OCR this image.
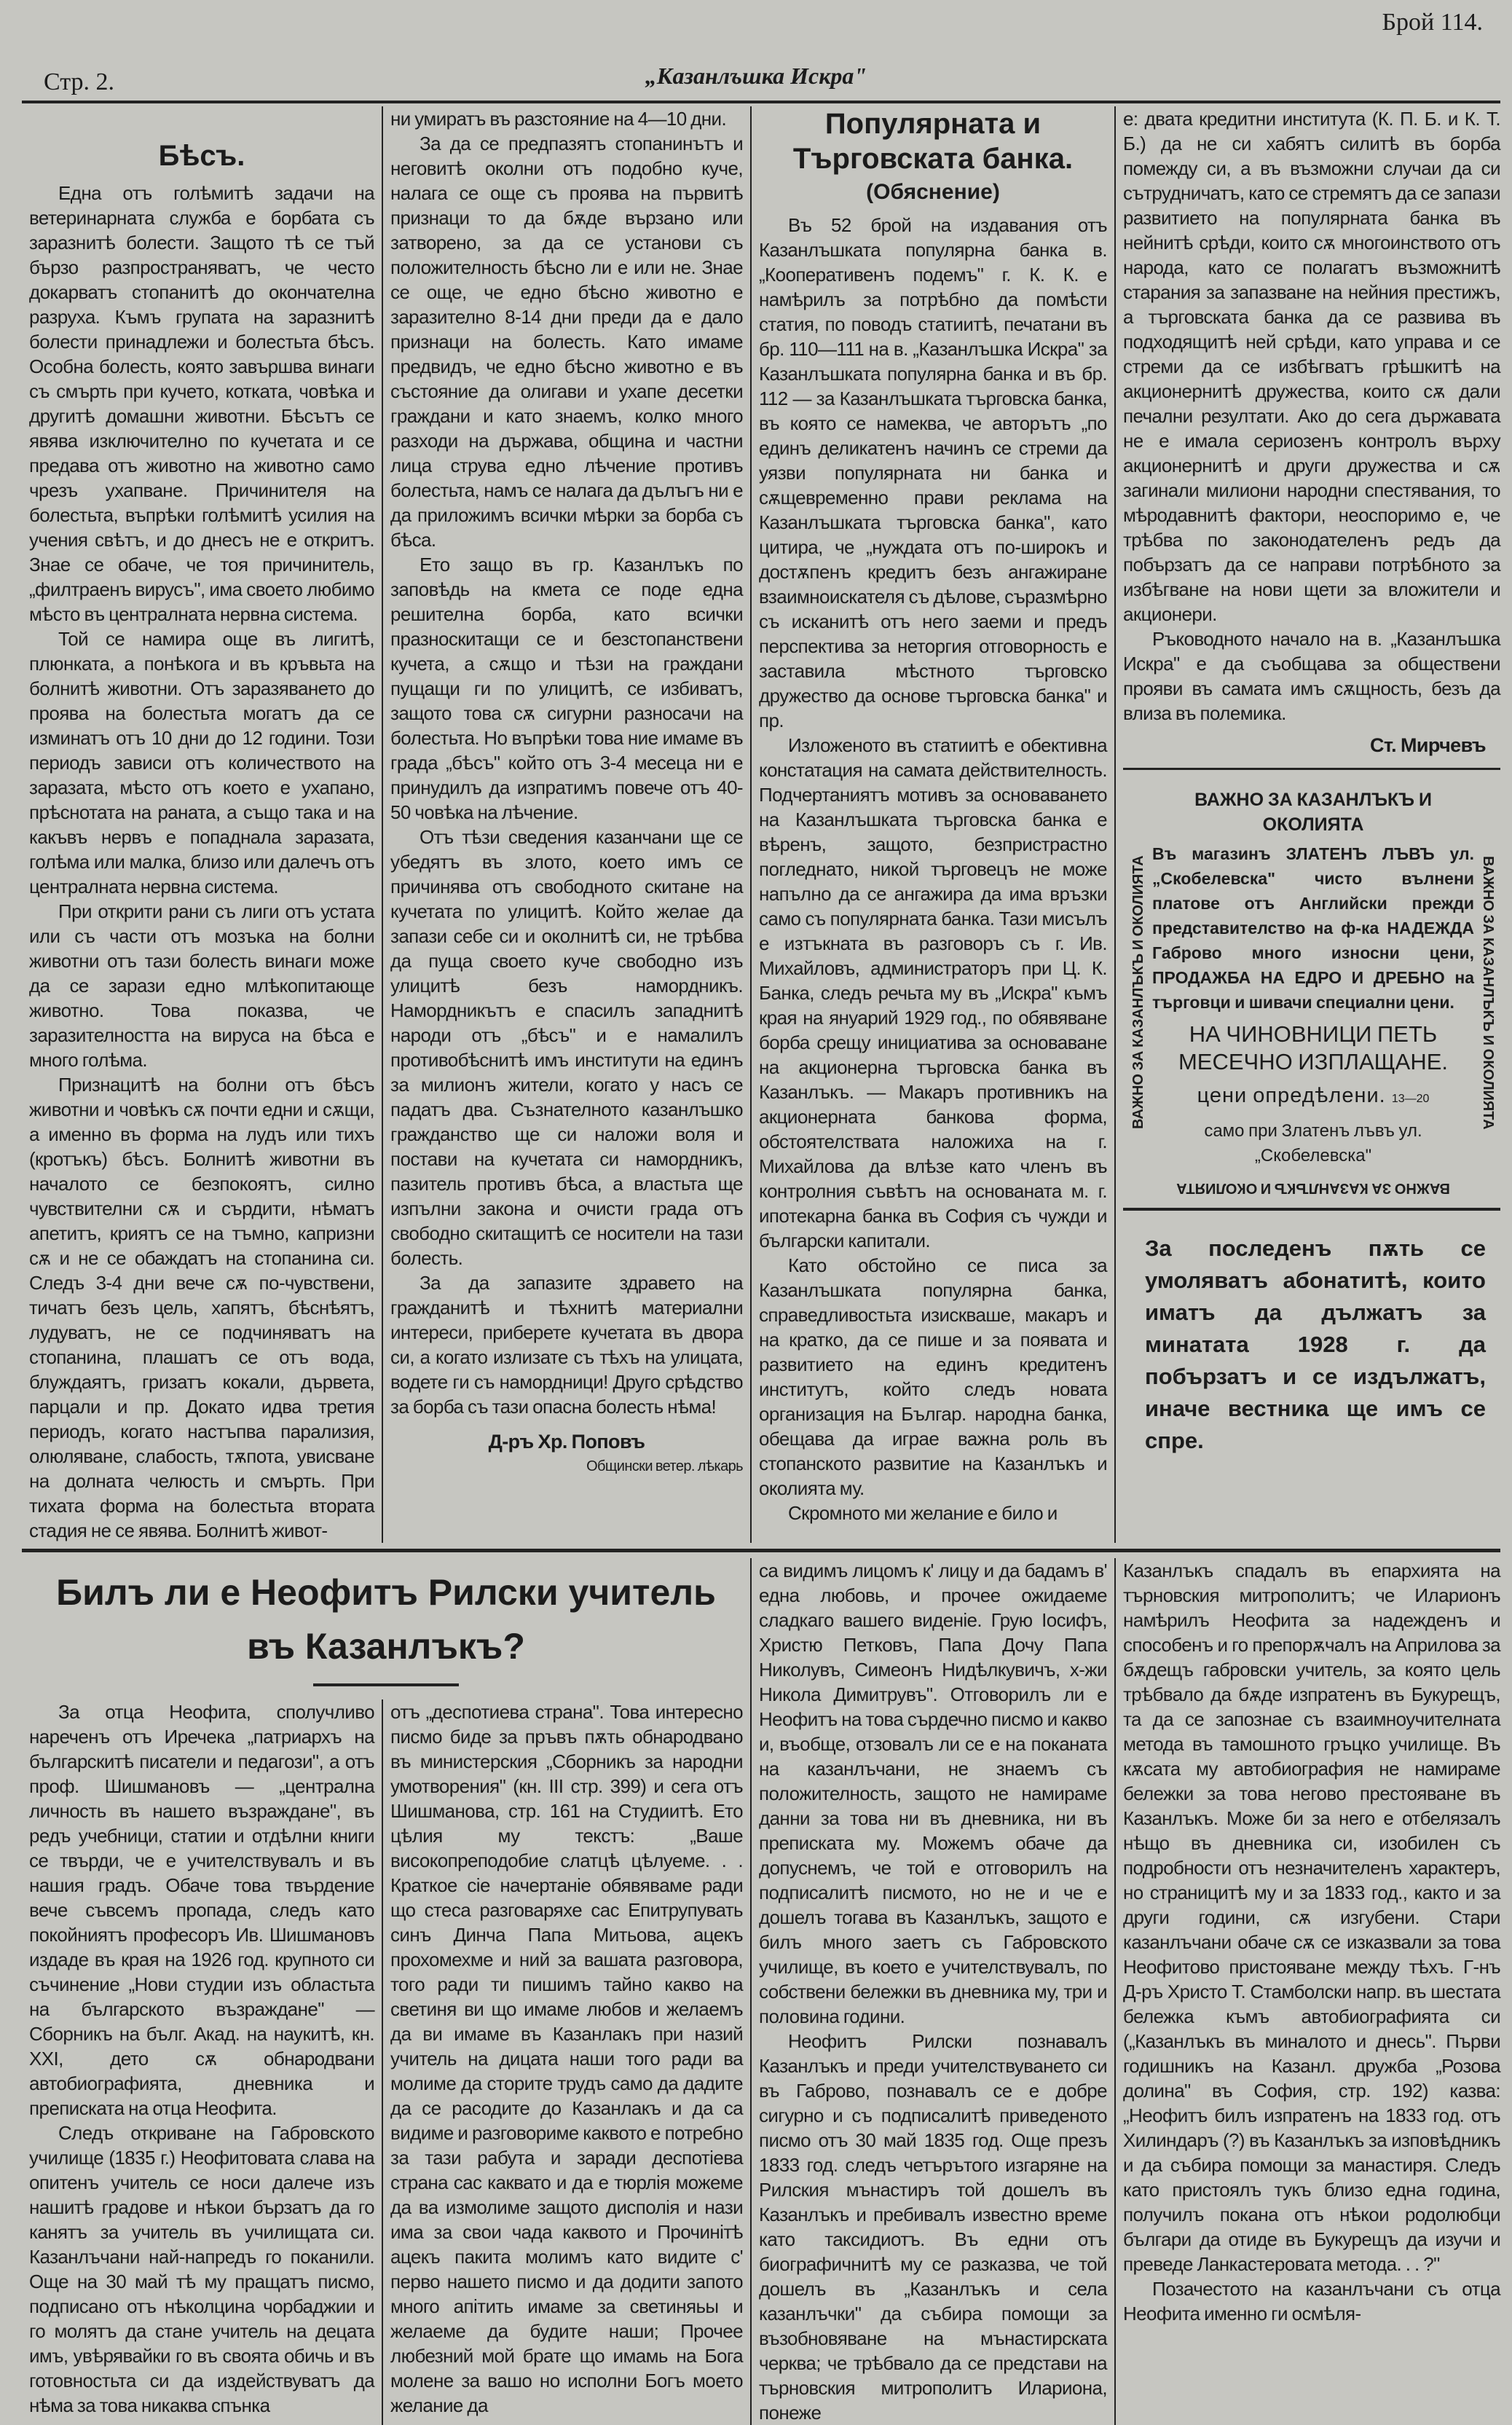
Стр. 2.	„Казанлъшка Искра"
Брой 114.
Бѣсъ.

Една отъ голѣмитѣ задачи на ветеринарната служба е борбата съ заразнитѣ болести. Защото тѣ се тъй бързо разпространяватъ, че често докарватъ стопанитѣ до окончателна разруха. Къмъ групата на заразнитѣ болести принадлежи и болестьта бѣсъ. Особна болесть, която завършва винаги съ смърть при кучето, котката, човѣка и другитѣ домашни животни. Бѣсътъ се явява изключително по кучетата и се предава отъ животно на животно само чрезъ ухапване. Причинителя на болестьта, въпрѣки голѣмитѣ усилия на учения свѣтъ, и до днесъ не е откритъ. Знае се обаче, че тоя причинитель, „филтраенъ вирусъ", има своето любимо мѣсто въ централната нервна система.

Той се намира още въ лигитѣ, плюнката, а понѣкога и въ кръвьта на болнитѣ животни. Отъ заразяването до проява на болестьта могатъ да се изминатъ отъ 10 дни до 12 години. Този периодъ зависи отъ количеството на заразата, мѣсто отъ което е ухапано, прѣснотата на раната, а също така и на какъвъ нервъ е попаднала заразата, голѣма или малка, близо или далечъ отъ централната нервна система.

При открити рани съ лиги отъ устата или съ части отъ мозъка на болни животни отъ тази болесть винаги може да се зарази едно млѣкопитающе животно. Това показва, че заразителността на вируса на бѣса е много голѣма.

Признацитѣ на болни отъ бѣсъ животни и човѣкъ сѫ почти едни и сѫщи, а именно въ форма на лудъ или тихъ (кротъкъ) бѣсъ. Болнитѣ животни въ началото се безпокоятъ, силно чувствителни сѫ и сърдити, нѣматъ апетитъ, криятъ се на тъмно, капризни сѫ и не се обаждатъ на стопанина си. Следъ 3-4 дни вече сѫ по-чувствени, тичатъ безъ цель, хапятъ, бѣснѣятъ, лудуватъ, не се подчиняватъ на стопанина, плашатъ се отъ вода, блуждаятъ, гризатъ кокали, дървета, парцали и пр. Докато идва третия периодъ, когато настъпва парализия, олюляване, слабость, тѫпота, увисване на долната челюсть и смърть. При тихата форма на болестьта втората стадия не се явява. Болнитѣ живот-

ни умиратъ въ разстояние на 4—10 дни.

За да се предпазятъ стопанинътъ и неговитѣ околни отъ подобно куче, налага се още съ проява на първитѣ признаци то да бѫде вързано или затворено, за да се установи съ положителность бѣсно ли е или не. Знае се още, че едно бѣсно животно е заразително 8-14 дни преди да е дало признаци на болесть. Като имаме предвидъ, че едно бѣсно животно е въ състояние да олигави и ухапе десетки граждани и като знаемъ, колко много разходи на държава, община и частни лица струва едно лѣчение противъ болестьта, намъ се налага да дълъгъ ни е да приложимъ всички мѣрки за борба съ бѣса.

Ето защо въ гр. Казанлъкъ по заповѣдь на кмета се поде една решителна борба, като всички празноскитащи се и безстопанствени кучета, а сѫщо и тѣзи на граждани пущащи ги по улицитѣ, се избиватъ, защото това сѫ сигурни разносачи на болестьта. Но въпрѣки това ние имаме въ града „бѣсъ" който отъ 3-4 месеца ни е принудилъ да изпратимъ повече отъ 40-50 човѣка на лѣчение.

Отъ тѣзи сведения казанчани ще се убедятъ въ злото, което имъ се причинява отъ свободното скитане на кучетата по улицитѣ. Който желае да запази себе си и околнитѣ си, не трѣбва да пуща своето куче свободно изъ улицитѣ безъ намордникъ. Намордникътъ е спасилъ западнитѣ народи отъ „бѣсъ" и е намалилъ противобѣснитѣ имъ институти на единъ за милионъ жители, когато у насъ се падатъ два. Съзнателното казанлъшко гражданство ще си наложи воля и постави на кучетата си намордникъ, пазитель противъ бѣса, а властьта ще изпълни закона и очисти града отъ свободно скитащитѣ се носители на тази болесть.

За да запазите здравето на гражданитѣ и тѣхнитѣ материални интереси, приберете кучетата въ двора си, а когато излизате съ тѣхъ на улицата, водете ги съ намордници! Друго срѣдство за борба съ тази опасна болесть нѣма!

Д-ръ Хр. Поповъ
Общински ветер. лѣкарь
Популярната и Търговската банка.
(Обяснение)

Въ 52 брой на издавания отъ Казанлъшката популярна банка в. „Кооперативенъ подемъ" г. К. К. е намѣрилъ за потрѣбно да помѣсти статия, по поводъ статиитѣ, печатани въ бр. 110—111 на в. „Казанлъшка Искра" за Казанлъшката популярна банка и въ бр. 112 — за Казанлъшката търговска банка, въ която се намеква, че авторътъ „по единъ деликатенъ начинъ се стреми да уязви популярната ни банка и сѫщевременно прави реклама на Казанлъшката търговска банка", като цитира, че „нуждата отъ по-широкъ и достѫпенъ кредитъ безъ ангажиране взаимноискателя съ дѣлове, съразмѣрно съ исканитѣ отъ него заеми и предъ перспектива за неторгия отговорность е заставила мѣстното търговско дружество да основе търговска банка" и пр.

Изложеното въ статиитѣ е обективна констатация на самата действителность. Подчертаниятъ мотивъ за основаването на Казанлъшката търговска банка е вѣренъ, защото, безпристрастно погледнато, никой търговецъ не може напълно да се ангажира да има връзки само съ популярната банка. Тази мисълъ е изтъкната въ разговоръ съ г. Ив. Михайловъ, администраторъ при Ц. К. Банка, следъ речьта му въ „Искра" къмъ края на януарий 1929 год., по обявяване борба срещу инициатива за основаване на акционерна търговска банка въ Казанлъкъ. — Макаръ противникъ на акционерната банкова форма, обстоятелствата наложиха на г. Михайлова да влѣзе като членъ въ контролния съвѣтъ на основаната м. г. ипотекарна банка въ София съ чужди и български капитали.

Като обстойно се писа за Казанлъшката популярна банка, справедливостьта изискваше, макаръ и на кратко, да се пише и за появата и развитието на единъ кредитенъ институтъ, който следъ новата организация на Българ. народна банка, обещава да играе важна роль въ стопанското развитие на Казанлъкъ и околията му.

Скромното ми желание е било и

е: двата кредитни института (К. П. Б. и К. Т. Б.) да не си хабятъ силитѣ въ борба помежду си, а въ възможни случаи да си сътрудничатъ, като се стремятъ да се запази развитието на популярната банка въ нейнитѣ срѣди, които сѫ многоинството отъ народа, като се полагатъ възможнитѣ старания за запазване на нейния престижъ, а търговската банка да се развива въ подходящитѣ ней срѣди, като управа и се стреми да се избѣгватъ грѣшкитѣ на акционернитѣ дружества, които сѫ дали печални резултати. Ако до сега държавата не е имала сериозенъ контролъ върху акционернитѣ и други дружества и сѫ загинали милиони народни спестявания, то мѣродавнитѣ фактори, неоспоримо е, че трѣбва по законодателенъ редъ да побързатъ да се направи потрѣбното за избѣгване на нови щети за вложители и акционери.

Ръководното начало на в. „Казанлъшка Искра" е да съобщава за обществени прояви въ самата имъ сѫщность, безъ да влиза въ полемика.

Ст. Мирчевъ
ВАЖНО ЗА КАЗАНЛЪКЪ И ОКОЛИЯТА	ВАЖНО ЗА КАЗАНЛЪКЪ И ОКОЛИЯТА
ВАЖНО ЗА КАЗАНЛЪКЪ И ОКОЛИЯТА
Въ магазинъ ЗЛАТЕНЪ ЛЪВЪ ул. „Скобелевска" чисто вълнени платове отъ Английски прежди представителство на ф-ка НАДЕЖДА Габрово много износни цени, ПРОДАЖБА НА ЕДРО И ДРЕБНО на търговци и шивачи специални цени.
НА ЧИНОВНИЦИ ПЕТЬ МЕСЕЧНО ИЗПЛАЩАНЕ.
цени опредѣлени. 13—20
само при Златенъ лъвъ ул. „Скобелевска"
ВАЖНО ЗА КАЗАНЛЪКЪ И ОКОЛИЯТА
За последенъ пѫть се умоляватъ абонатитѣ, които иматъ да дължатъ за минатата 1928 г. да побързатъ и се издължатъ, иначе вестника ще имъ се спре.
Билъ ли е Неофитъ Рилски учитель
въ Казанлъкъ?

За отца Неофита, сполучливо нареченъ отъ Иречека „патриархъ на българскитѣ писатели и педагози", а отъ проф. Шишмановъ — „централна личность въ нашето възраждане", въ редъ учебници, статии и отдѣлни книги се твърди, че е учителствувалъ и въ нашия градъ. Обаче това твърдение вече съвсемъ пропада, следъ като покойниятъ професоръ Ив. Шишмановъ издаде въ края на 1926 год. крупното си съчинение „Нови студии изъ областьта на българското възраждане" — Сборникъ на бълг. Акад. на наукитѣ, кн. XXI, дето сѫ обнародвани автобиографията, дневника и преписката на отца Неофита.

Следъ откриване на Габровското училище (1835 г.) Неофитовата слава на опитенъ учитель се носи далече изъ нашитѣ градове и нѣкои бързатъ да го канятъ за учитель въ училищата си. Казанлъчани най-напредъ го поканили. Още на 30 май тѣ му пращатъ писмо, подписано отъ нѣколцина чорбаджии и го молятъ да стане учитель на децата имъ, увѣрявайки го въ своята обичь и въ готовностьта си да издействуватъ да нѣма за това никаква спънка

отъ „деспотиева страна". Това интересно писмо биде за пръвъ пѫть обнародвано въ министерския „Сборникъ за народни умотворения" (кн. III стр. 399) и сега отъ Шишманова, стр. 161 на Студиитѣ. Ето цѣлия му текстъ: „Ваше високопреподобие слатцѣ цѣлуеме. . . Краткое сіе начертаніе обявяваме ради що стеса разговаряхе сас Епитрупувать синъ Динча Папа Митьова, ацекъ прохомехме и ний за вашата разговора, того ради ти пишимъ тайно какво на светиня ви що имаме любов и желаемъ да ви имаме въ Казанлакъ при назий учитель на дицата наши того ради ва молиме да сторите трудъ само да дадите да се расодите до Казанлакъ и да са видиме и разговориме каквото е потребно за тази рабута и заради деспотіева страна сас каквато и да е тюрлія можеме да ва измолиме защото дисполія и нази има за свои чада каквото и Прочинітѣ ацекъ пакита молимъ като видите с' перво нашето писмо и да додити запото много апітить имаме за светиняьы и желаеме да будите наши; Прочее любезний мой брате що имамь на Бога молене за вашо но исполни Богъ моето желание да

са видимъ лицомъ к' лицу и да бадамъ в' една любовь, и прочее ожидаеме сладкаго вашего виденіе. Грую Іосифъ, Христю Петковъ, Папа Дочу Папа Николувъ, Симеонъ Нидѣлкувичъ, х-жи Никола Димитрувъ". Отговорилъ ли е Неофитъ на това сърдечно писмо и какво и, въобще, отзовалъ ли се е на поканата на казанлъчани, не знаемъ съ положителность, защото не намираме данни за това ни въ дневника, ни въ преписката му. Можемъ обаче да допуснемъ, че той е отговорилъ на подписалитѣ писмото, но не и че е дошелъ тогава въ Казанлъкъ, защото е билъ много заетъ съ Габровското училище, въ което е учителствувалъ, по собствени бележки въ дневника му, три и половина години.

Неофитъ Рилски познавалъ Казанлъкъ и преди учителствуването си въ Габрово, познавалъ се е добре сигурно и съ подписалитѣ приведеното писмо отъ 30 май 1835 год. Още презъ 1833 год. следъ четърътого изгаряне на Рилския мънастиръ той дошелъ въ Казанлъкъ и пребивалъ известно време като таксидиотъ. Въ едни отъ биографичнитѣ му се разказва, че той дошелъ въ „Казанлъкъ и села казанлъчки" да събира помощи за възобновяване на мънастирската черква; че трѣбвало да се представи на търновския митрополитъ Илариона, понеже

Казанлъкъ спадалъ въ епархията на търновския митрополитъ; че Иларионъ намѣрилъ Неофита за надежденъ и способенъ и го препорѫчалъ на Априлова за бѫдещъ габровски учитель, за която цель трѣбвало да бѫде изпратенъ въ Букурещъ, та да се запознае съ взаимноучителната метода въ тамошното гръцко училище. Въ кѫсата му автобиография не намираме бележки за това негово престояване въ Казанлъкъ. Може би за него е отбелязалъ нѣщо въ дневника си, изобилен съ подробности отъ незначителенъ характеръ, но страницитѣ му и за 1833 год., както и за други години, сѫ изгубени. Стари казанлъчани обаче сѫ се изказвали за това Неофитово пристояване между тѣхъ. Г-нъ Д-ръ Христо Т. Стамболски напр. въ шестата бележка къмъ автобиографията си („Казанлъкъ въ миналото и днесь". Първи годишникъ на Казанл. дружба „Розова долина" въ София, стр. 192) казва: „Неофитъ билъ изпратенъ на 1833 год. отъ Хилиндаръ (?) въ Казанлъкъ за изповѣдникъ и да събира помощи за манастиря. Следъ като пристоялъ тукъ близо една година, получилъ покана отъ нѣкои родолюбци българи да отиде въ Букурещъ да изучи и преведе Ланкастеровата метода. . . ?"

Позачестото на казанлъчани съ отца Неофита именно ги осмѣля-
